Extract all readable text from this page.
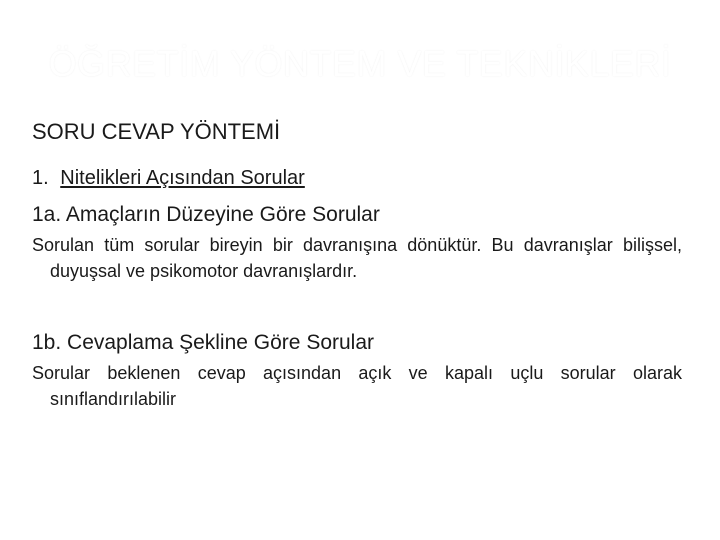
ÖĞRETİM YÖNTEM VE TEKNİKLERİ
SORU CEVAP YÖNTEMİ
1. Nitelikleri Açısından Sorular
1a. Amaçların Düzeyine Göre Sorular

Sorulan tüm sorular bireyin bir davranışına dönüktür. Bu davranışlar bilişsel, duyuşsal ve psikomotor davranışlardır.

1b. Cevaplama Şekline Göre Sorular

Sorular beklenen cevap açısından açık ve kapalı uçlu sorular olarak sınıflandırılabilir
